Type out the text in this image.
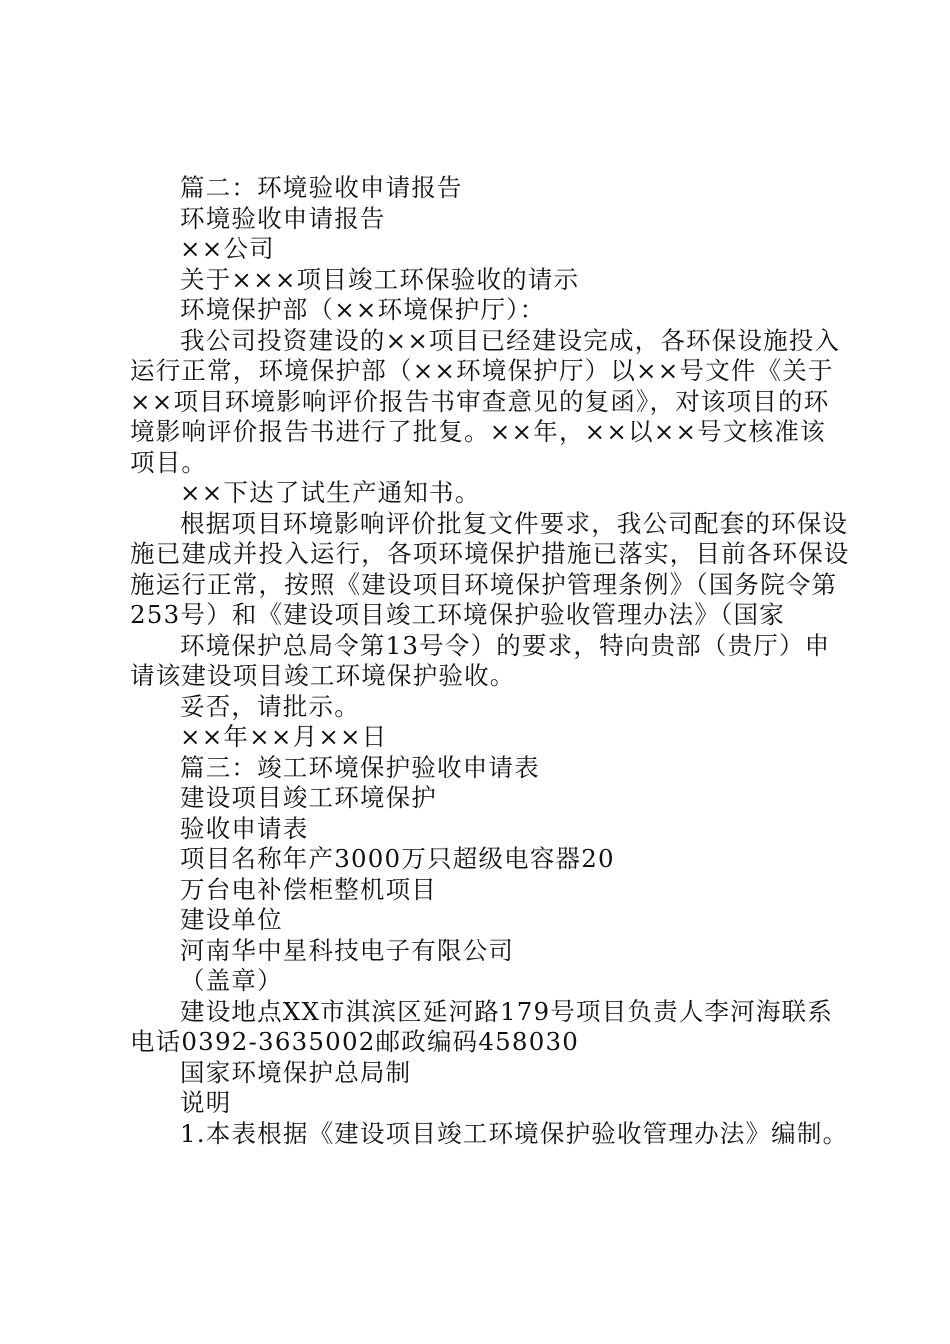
篇二：环境验收申请报告

环境验收申请报告

××公司

关于×××项目竣工环保验收的请示

环境保护部（××环境保护厅）：

我公司投资建设的××项目已经建设完成，各环保设施投入运行正常，环境保护部（××环境保护厅）以××号文件《关于××项目环境影响评价报告书审查意见的复函》，对该项目的环境影响评价报告书进行了批复。××年，××以××号文核准该项目。

××下达了试生产通知书。

根据项目环境影响评价批复文件要求，我公司配套的环保设施已建成并投入运行，各项环境保护措施已落实，目前各环保设施运行正常，按照《建设项目环境保护管理条例》（国务院令第253号）和《建设项目竣工环境保护验收管理办法》（国家

环境保护总局令第13号令）的要求，特向贵部（贵厅）申请该建设项目竣工环境保护验收。

妥否，请批示。

××年××月××日

篇三：竣工环境保护验收申请表

建设项目竣工环境保护

验收申请表

项目名称年产3000万只超级电容器20

万台电补偿柜整机项目

建设单位

河南华中星科技电子有限公司

（盖章）

建设地点XX市淇滨区延河路179号项目负责人李河海联系电话0392-3635002邮政编码458030

国家环境保护总局制

说明

1.本表根据《建设项目竣工环境保护验收管理办法》编制。
